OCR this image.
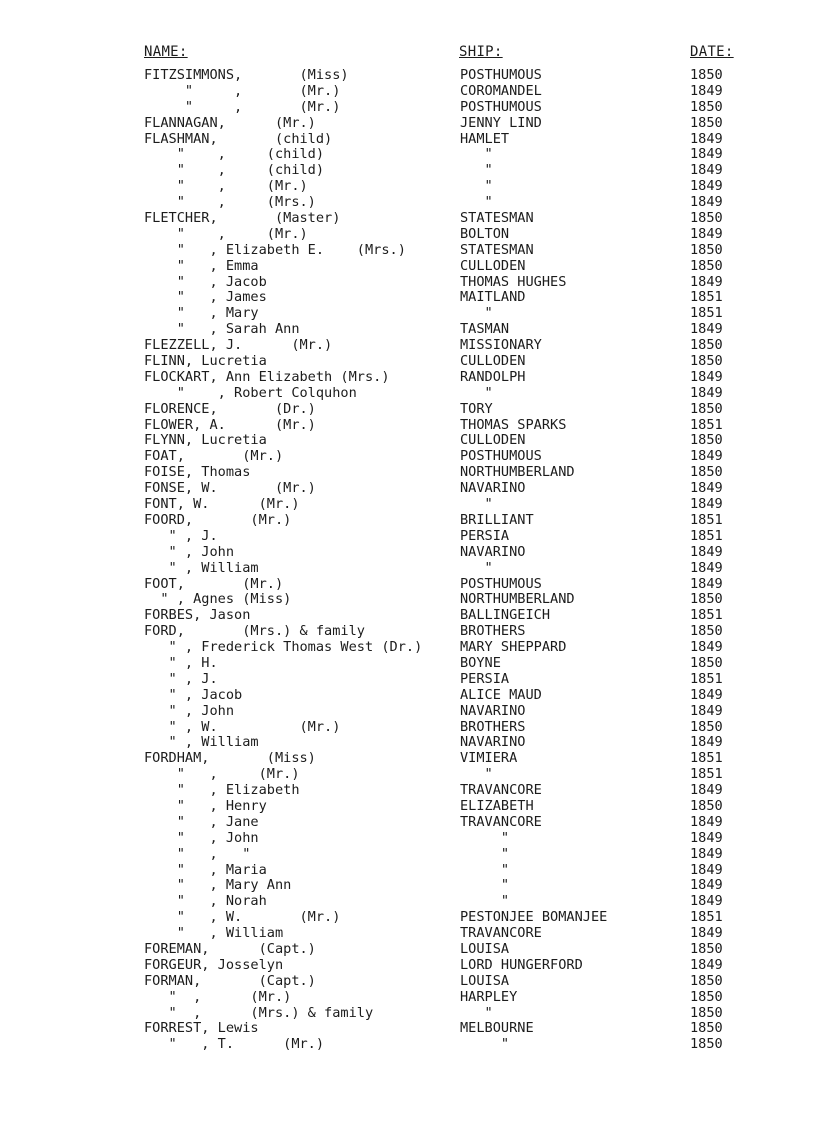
NAME:	SHIP:	DATE:
FITZSIMMONS,       (Miss)	POSTHUMOUS	1850
"     ,       (Mr.)	COROMANDEL	1849
"     ,       (Mr.)	POSTHUMOUS	1850
FLANNAGAN,      (Mr.)	JENNY LIND	1850
FLASHMAN,       (child)	HAMLET	1849
"    ,     (child)	"	1849
"    ,     (child)	"	1849
"    ,     (Mr.)	"	1849
"    ,     (Mrs.)	"	1849
FLETCHER,       (Master)	STATESMAN	1850
"    ,     (Mr.)	BOLTON	1849
"   , Elizabeth E.    (Mrs.)	STATESMAN	1850
"   , Emma	CULLODEN	1850
"   , Jacob	THOMAS HUGHES	1849
"   , James	MAITLAND	1851
"   , Mary	"	1851
"   , Sarah Ann	TASMAN	1849
FLEZZELL, J.      (Mr.)	MISSIONARY	1850
FLINN, Lucretia	CULLODEN	1850
FLOCKART, Ann Elizabeth (Mrs.)	RANDOLPH	1849
"    , Robert Colquhon	"	1849
FLORENCE,       (Dr.)	TORY	1850
FLOWER, A.      (Mr.)	THOMAS SPARKS	1851
FLYNN, Lucretia	CULLODEN	1850
FOAT,       (Mr.)	POSTHUMOUS	1849
FOISE, Thomas	NORTHUMBERLAND	1850
FONSE, W.       (Mr.)	NAVARINO	1849
FONT, W.      (Mr.)	"	1849
FOORD,       (Mr.)	BRILLIANT	1851
" , J.	PERSIA	1851
" , John	NAVARINO	1849
" , William	"	1849
FOOT,       (Mr.)	POSTHUMOUS	1849
" , Agnes (Miss)	NORTHUMBERLAND	1850
FORBES, Jason	BALLINGEICH	1851
FORD,       (Mrs.) & family	BROTHERS	1850
" , Frederick Thomas West (Dr.)	MARY SHEPPARD	1849
" , H.	BOYNE	1850
" , J.	PERSIA	1851
" , Jacob	ALICE MAUD	1849
" , John	NAVARINO	1849
" , W.          (Mr.)	BROTHERS	1850
" , William	NAVARINO	1849
FORDHAM,       (Miss)	VIMIERA	1851
"   ,     (Mr.)	"	1851
"   , Elizabeth	TRAVANCORE	1849
"   , Henry	ELIZABETH	1850
"   , Jane	TRAVANCORE	1849
"   , John	"	1849
"   ,   "	"	1849
"   , Maria	"	1849
"   , Mary Ann	"	1849
"   , Norah	"	1849
"   , W.       (Mr.)	PESTONJEE BOMANJEE	1851
"   , William	TRAVANCORE	1849
FOREMAN,      (Capt.)	LOUISA	1850
FORGEUR, Josselyn	LORD HUNGERFORD	1849
FORMAN,       (Capt.)	LOUISA	1850
"  ,      (Mr.)	HARPLEY	1850
"  ,      (Mrs.) & family	"	1850
FORREST, Lewis	MELBOURNE	1850
"   , T.      (Mr.)	"	1850
